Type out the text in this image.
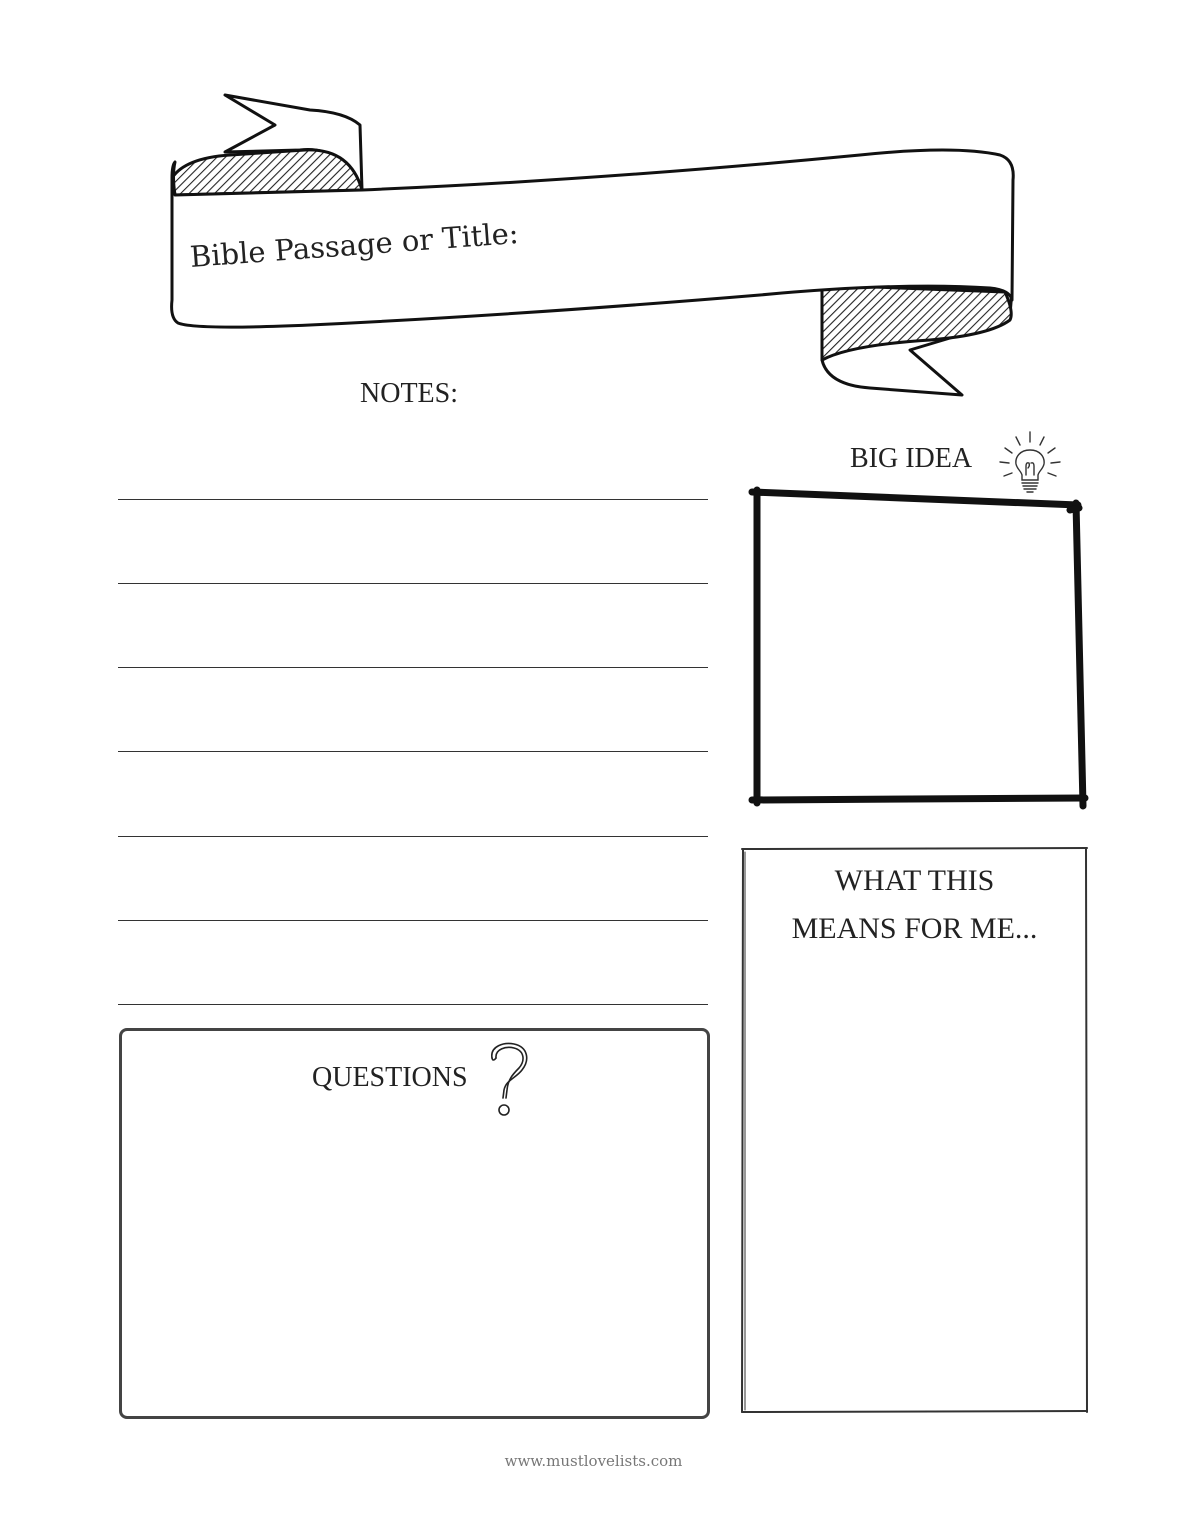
Bible Passage or Title:
NOTES:
BIG IDEA
WHAT THIS
MEANS FOR ME...
QUESTIONS
www.mustlovelists.com
